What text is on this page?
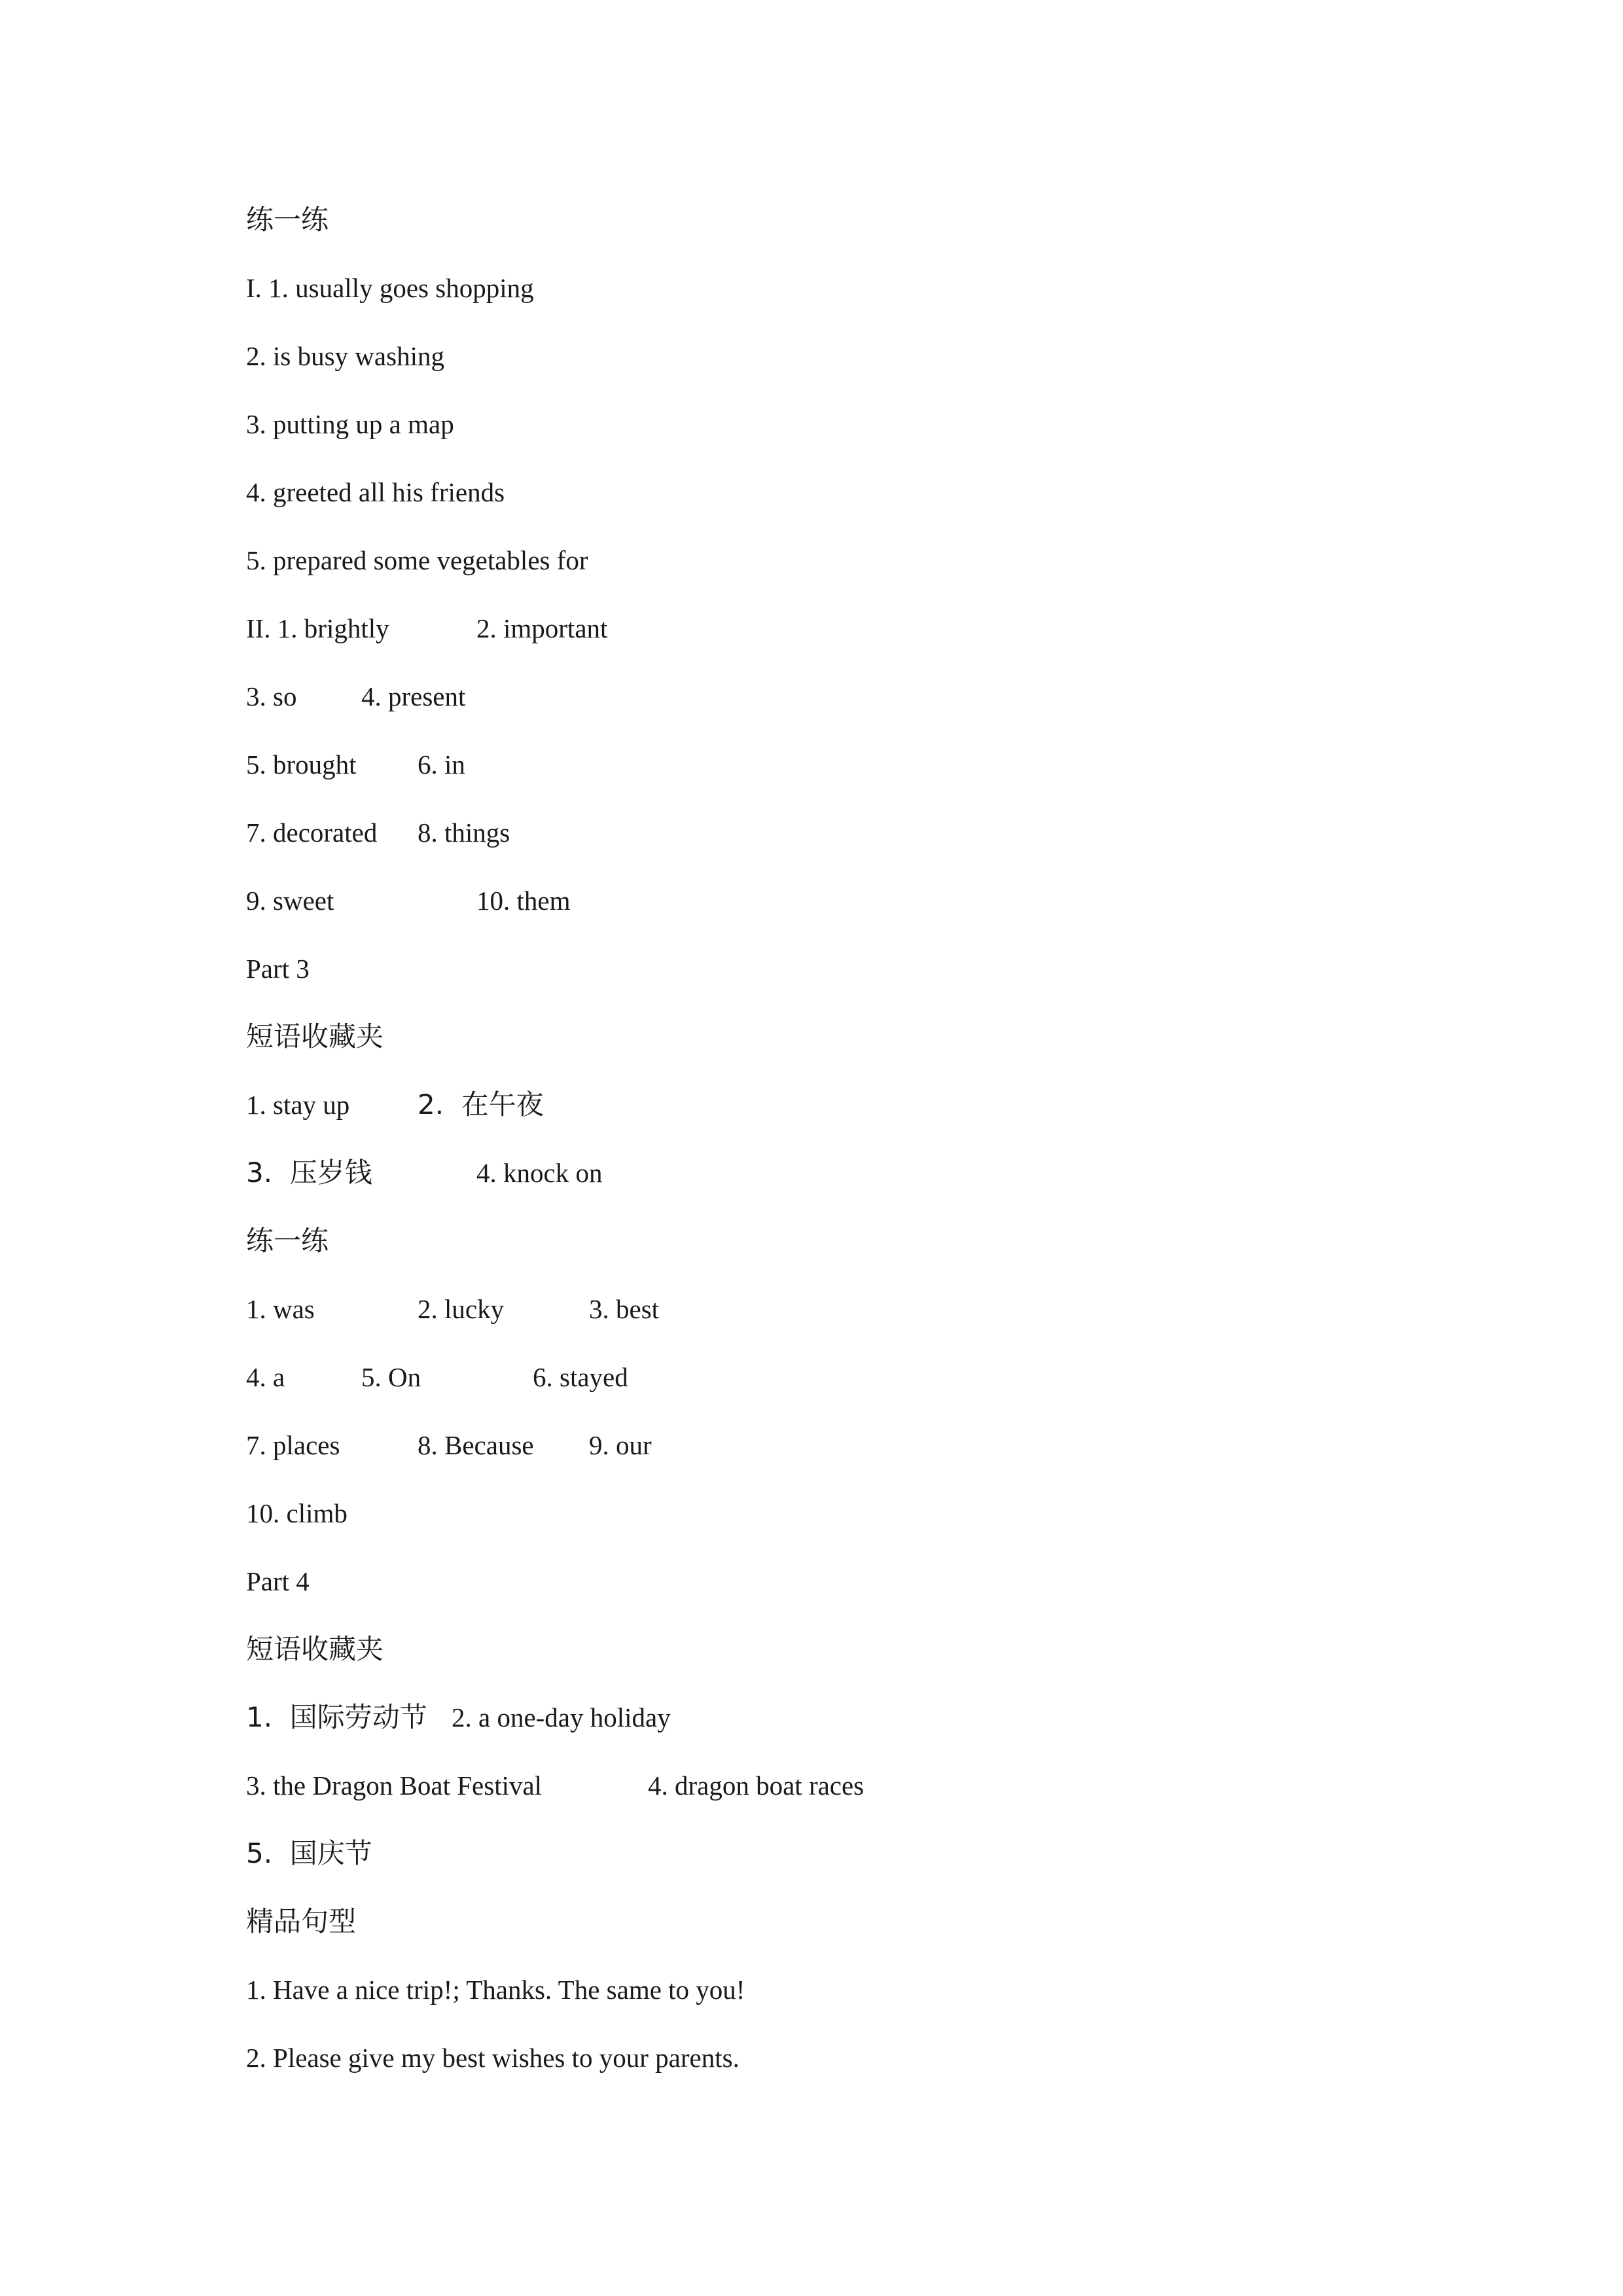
练一练

I. 1. usually goes shopping

2. is busy washing

3. putting up a map

4. greeted all his friends

5. prepared some vegetables for

II. 1. brightly

	2. important

3. so

4. present

5. brought

6. in

7. decorated

8. things

9. sweet

	10. them

Part 3

短语收藏夹

1. stay up

2.  在午夜

3.  压岁钱

	4. knock on

练一练

1. was

	2. lucky

	3. best

4. a

	5. On

	6. stayed

7. places

	8. Because

9. our

10. climb

Part 4

短语收藏夹

1.  国际劳动节

2. a one-day holiday

3. the Dragon Boat Festival

	4. dragon boat races

5.  国庆节

精品句型

1. Have a nice trip!; Thanks. The same to you!

2. Please give my best wishes to your parents.
